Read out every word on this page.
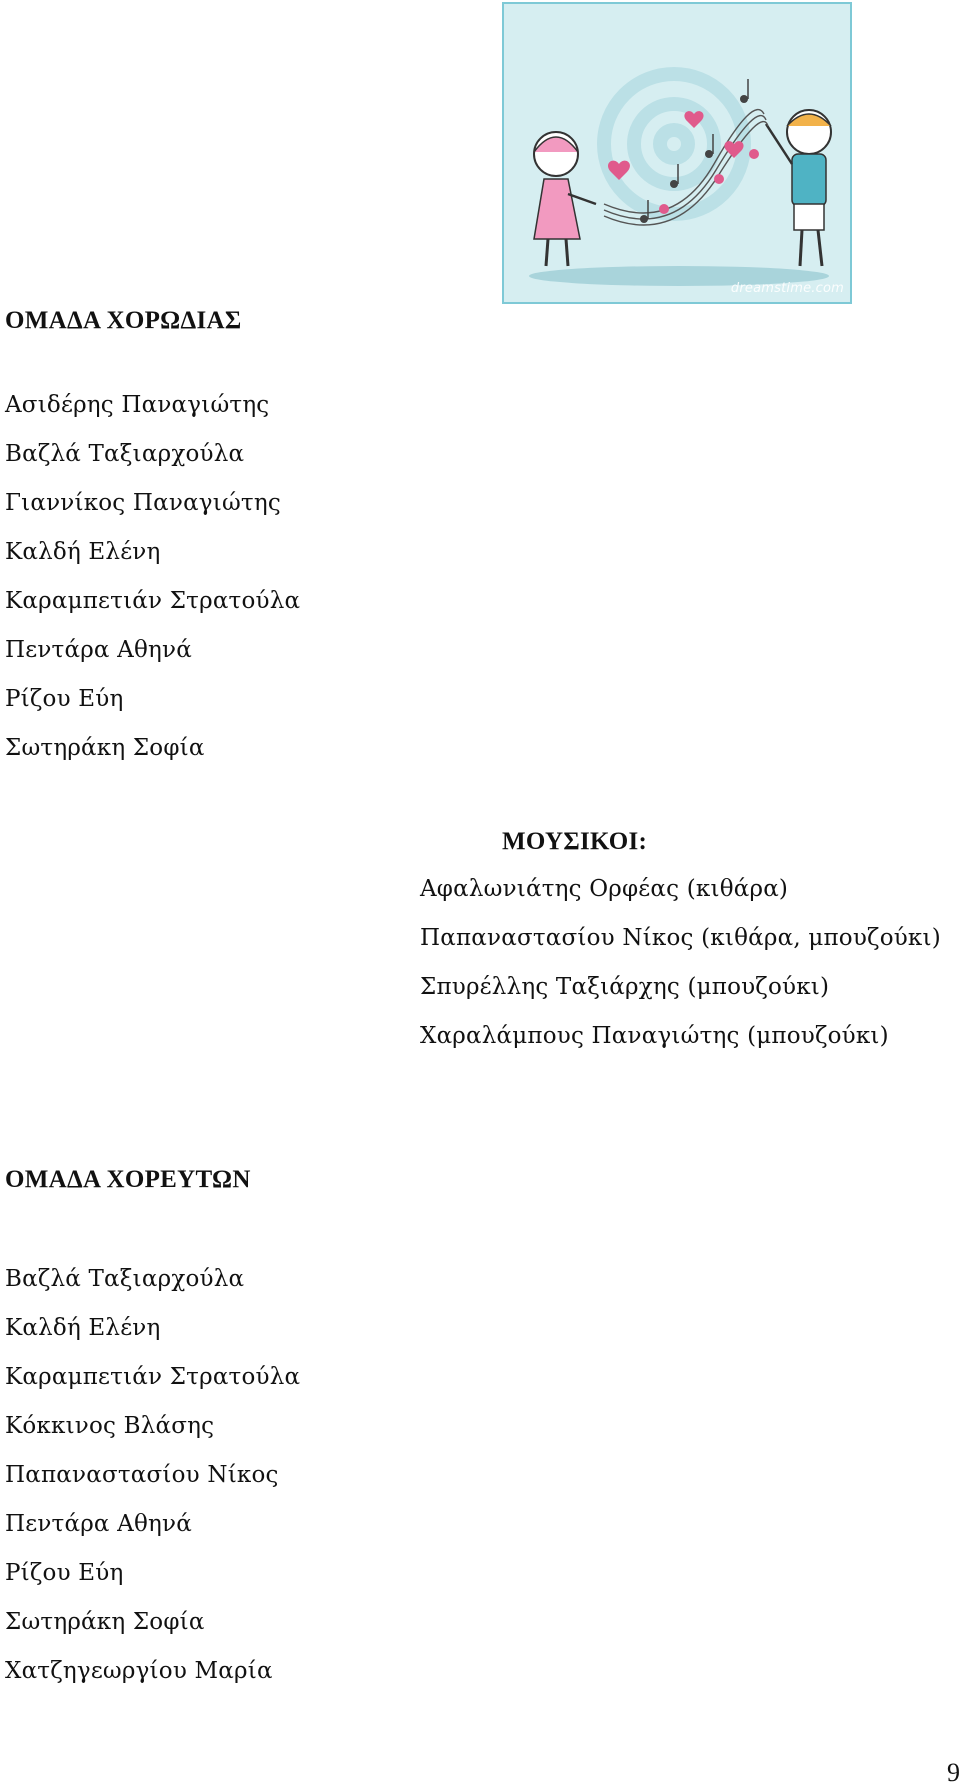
dreamstime.com
ΟΜΑΔΑ ΧΟΡΩΔΙΑΣ
Ασιδέρης Παναγιώτης
Βαζλά Ταξιαρχούλα
Γιαννίκος Παναγιώτης
Καλδή Ελένη
Καραμπετιάν Στρατούλα
Πεντάρα Αθηνά
Ρίζου Εύη
Σωτηράκη Σοφία
ΜΟΥΣΙΚΟΙ:
Αφαλωνιάτης Ορφέας (κιθάρα)
Παπαναστασίου Νίκος (κιθάρα, μπουζούκι)
Σπυρέλλης Ταξιάρχης (μπουζούκι)
Χαραλάμπους Παναγιώτης (μπουζούκι)
ΟΜΑΔΑ ΧΟΡΕΥΤΩΝ
Βαζλά Ταξιαρχούλα
Καλδή Ελένη
Καραμπετιάν Στρατούλα
Κόκκινος Βλάσης
Παπαναστασίου Νίκος
Πεντάρα Αθηνά
Ρίζου Εύη
Σωτηράκη Σοφία
Χατζηγεωργίου Μαρία
9
